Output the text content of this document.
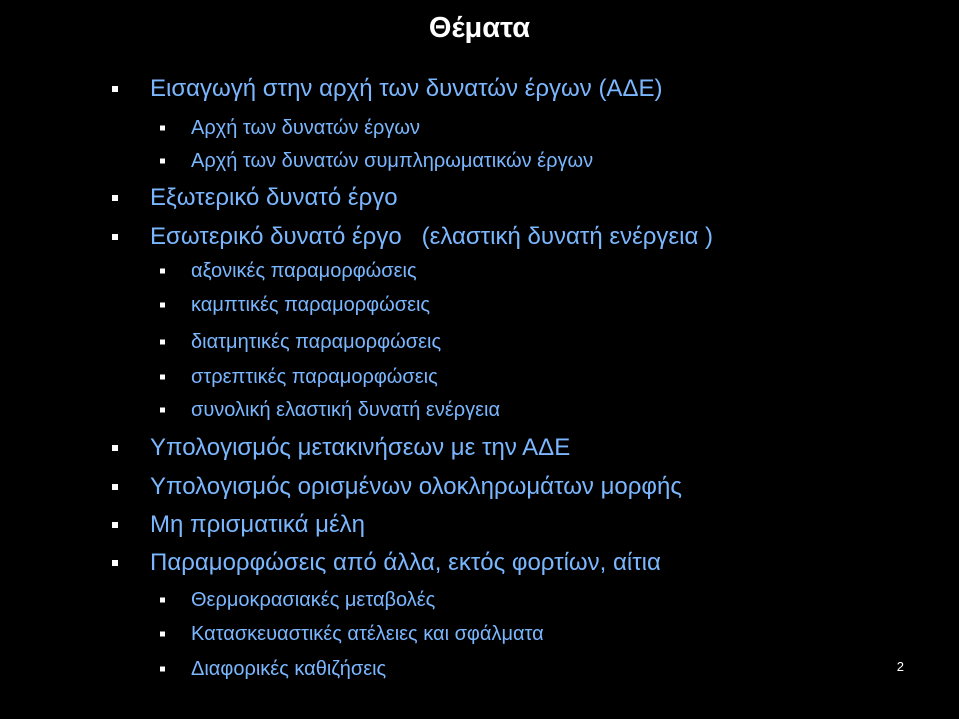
Θέματα
Εισαγωγή στην αρχή των δυνατών έργων (ΑΔΕ)
Αρχή των δυνατών έργων
Αρχή των δυνατών συμπληρωματικών έργων
Εξωτερικό δυνατό έργο
Εσωτερικό δυνατό έργο   (ελαστική δυνατή ενέργεια )
αξονικές παραμορφώσεις
καμπτικές παραμορφώσεις
διατμητικές παραμορφώσεις
στρεπτικές παραμορφώσεις
συνολική ελαστική δυνατή ενέργεια
Υπολογισμός μετακινήσεων με την ΑΔΕ
Υπολογισμός ορισμένων ολοκληρωμάτων μορφής
Μη πρισματικά μέλη
Παραμορφώσεις από άλλα, εκτός φορτίων, αίτια
Θερμοκρασιακές μεταβολές
Κατασκευαστικές ατέλειες και σφάλματα
Διαφορικές καθιζήσεις	2
